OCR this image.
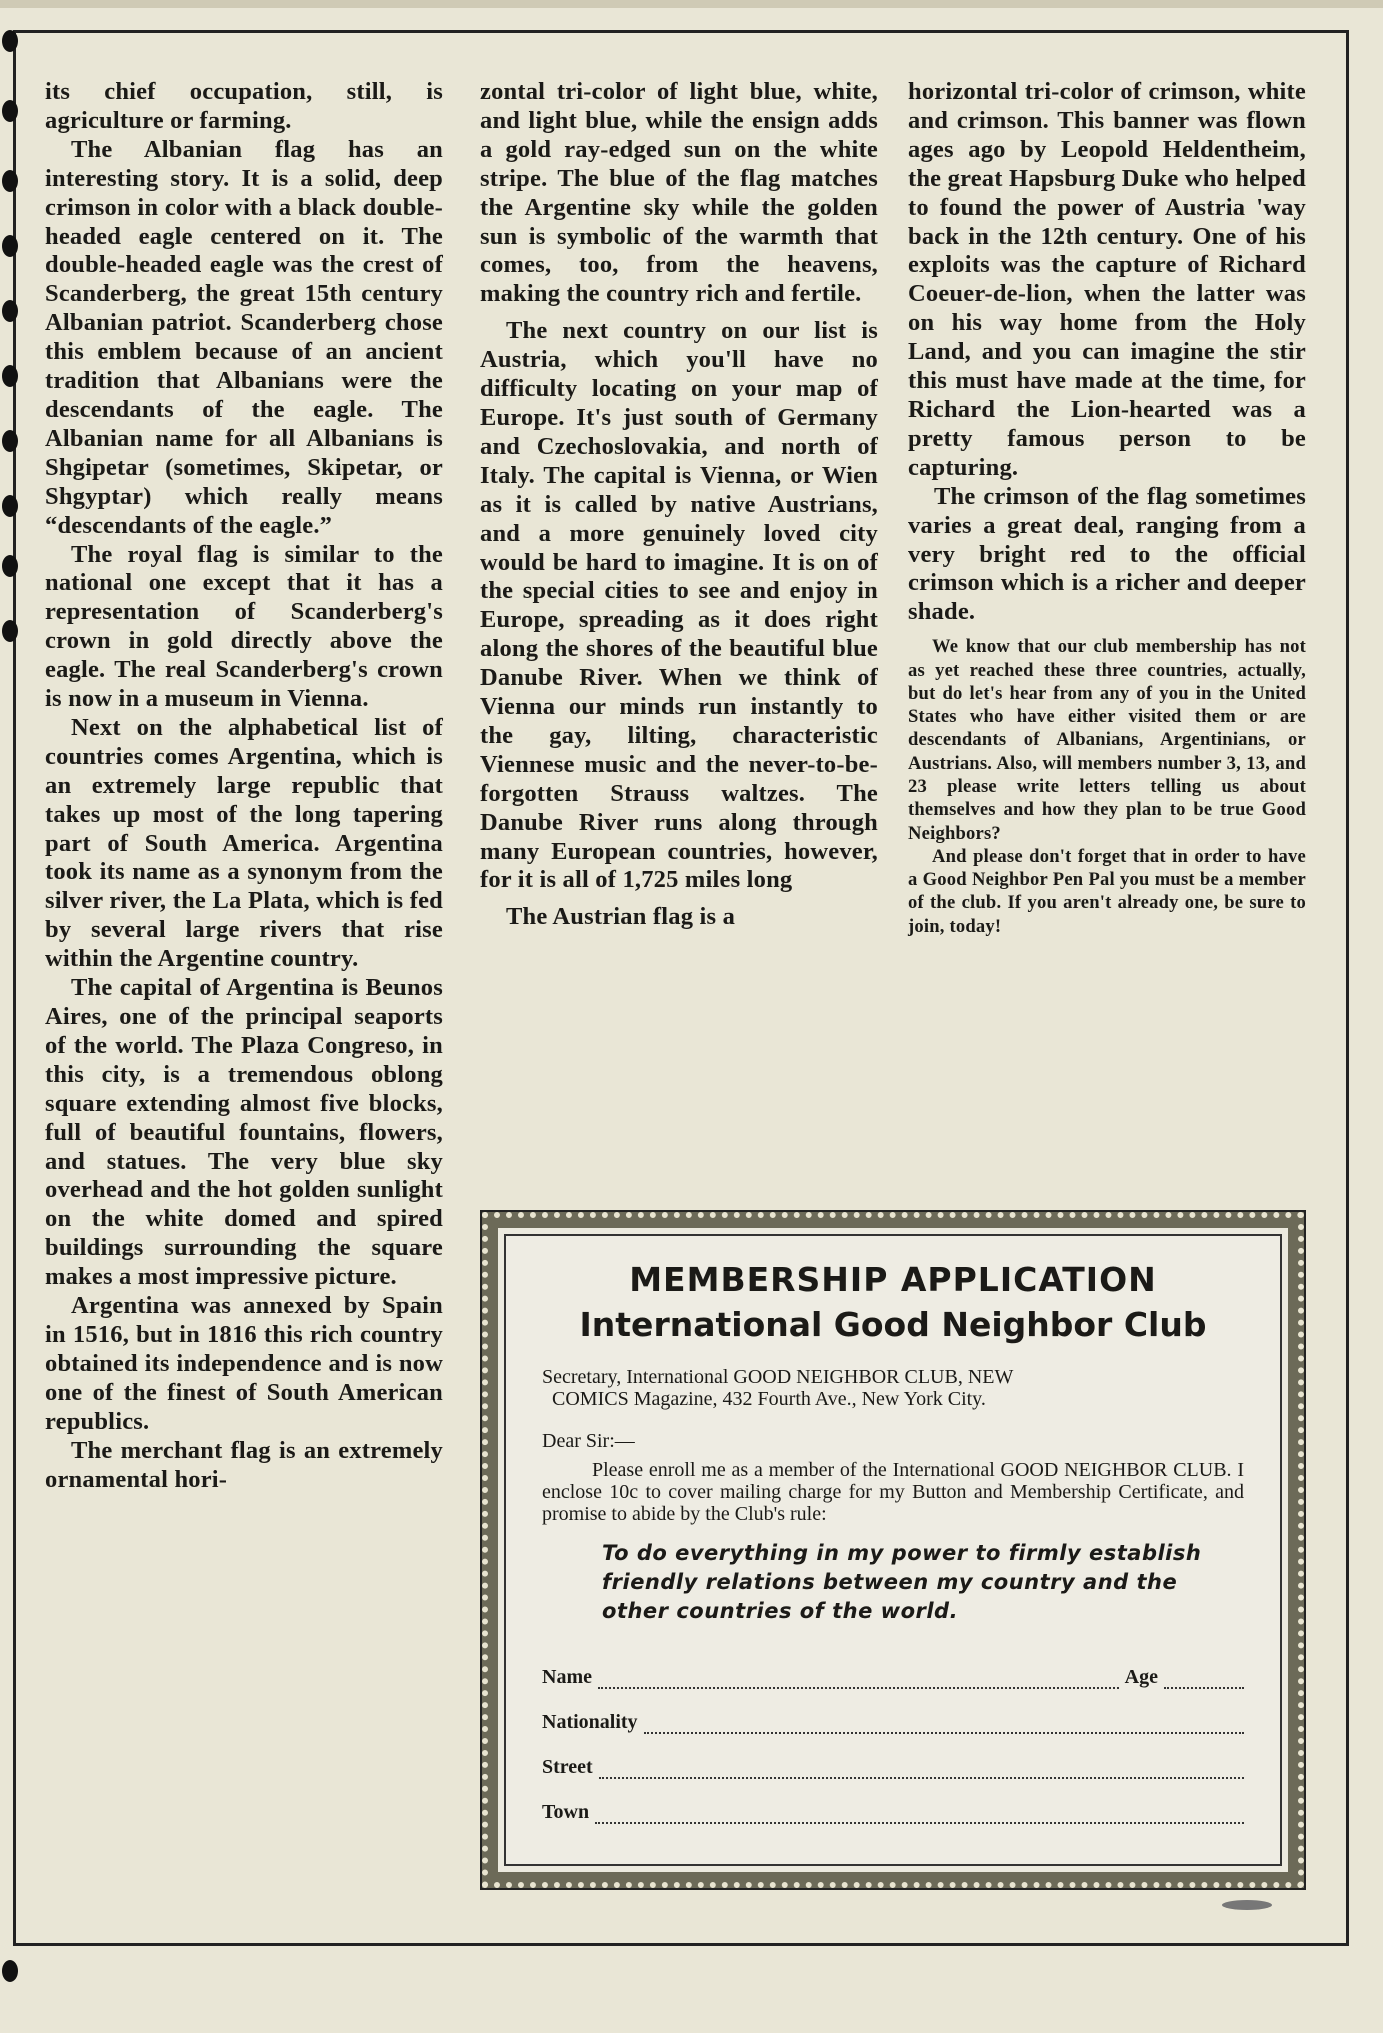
its chief occupation, still, is agriculture or farming.

The Albanian flag has an interesting story. It is a solid, deep crimson in color with a black double-headed eagle centered on it. The double-headed eagle was the crest of Scanderberg, the great 15th century Albanian patriot. Scanderberg chose this emblem because of an ancient tradition that Albanians were the descendants of the eagle. The Albanian name for all Albanians is Shgipetar (sometimes, Skipetar, or Shgyptar) which really means “descendants of the eagle.”

The royal flag is similar to the national one except that it has a representation of Scanderberg's crown in gold directly above the eagle. The real Scanderberg's crown is now in a museum in Vienna.

Next on the alphabetical list of countries comes Argentina, which is an extremely large republic that takes up most of the long tapering part of South America. Argentina took its name as a synonym from the silver river, the La Plata, which is fed by several large rivers that rise within the Argentine country.

The capital of Argentina is Beunos Aires, one of the principal seaports of the world. The Plaza Congreso, in this city, is a tremendous oblong square extending almost five blocks, full of beautiful fountains, flowers, and statues. The very blue sky overhead and the hot golden sunlight on the white domed and spired buildings surrounding the square makes a most impressive picture.

Argentina was annexed by Spain in 1516, but in 1816 this rich country obtained its independence and is now one of the finest of South American republics.

The merchant flag is an extremely ornamental hori-

zontal tri-color of light blue, white, and light blue, while the ensign adds a gold ray-edged sun on the white stripe. The blue of the flag matches the Argentine sky while the golden sun is symbolic of the warmth that comes, too, from the heavens, making the country rich and fertile.

The next country on our list is Austria, which you'll have no difficulty locating on your map of Europe. It's just south of Germany and Czechoslovakia, and north of Italy. The capital is Vienna, or Wien as it is called by native Austrians, and a more genuinely loved city would be hard to imagine. It is on of the special cities to see and enjoy in Europe, spreading as it does right along the shores of the beautiful blue Danube River. When we think of Vienna our minds run instantly to the gay, lilting, characteristic Viennese music and the never-to-be-forgotten Strauss waltzes. The Danube River runs along through many European countries, however, for it is all of 1,725 miles long

The Austrian flag is a

horizontal tri-color of crimson, white and crimson. This banner was flown ages ago by Leopold Heldentheim, the great Hapsburg Duke who helped to found the power of Austria 'way back in the 12th century. One of his exploits was the capture of Richard Coeuer-de-lion, when the latter was on his way home from the Holy Land, and you can imagine the stir this must have made at the time, for Richard the Lion-hearted was a pretty famous person to be capturing.

The crimson of the flag sometimes varies a great deal, ranging from a very bright red to the official crimson which is a richer and deeper shade.

We know that our club membership has not as yet reached these three countries, actually, but do let's hear from any of you in the United States who have either visited them or are descendants of Albanians, Argentinians, or Austrians. Also, will members number 3, 13, and 23 please write letters telling us about themselves and how they plan to be true Good Neighbors?

And please don't forget that in order to have a Good Neighbor Pen Pal you must be a member of the club. If you aren't already one, be sure to join, today!

MEMBERSHIP APPLICATION
International Good Neighbor Club
Secretary, International GOOD NEIGHBOR CLUB, NEW
COMICS Magazine, 432 Fourth Ave., New York City.
Dear Sir:—
Please enroll me as a member of the International GOOD NEIGHBOR CLUB. I enclose 10c to cover mailing charge for my Button and Membership Certificate, and promise to abide by the Club's rule:
To do everything in my power to firmly establish friendly relations between my country and the other countries of the world.
Name	Age
Nationality
Street
Town
